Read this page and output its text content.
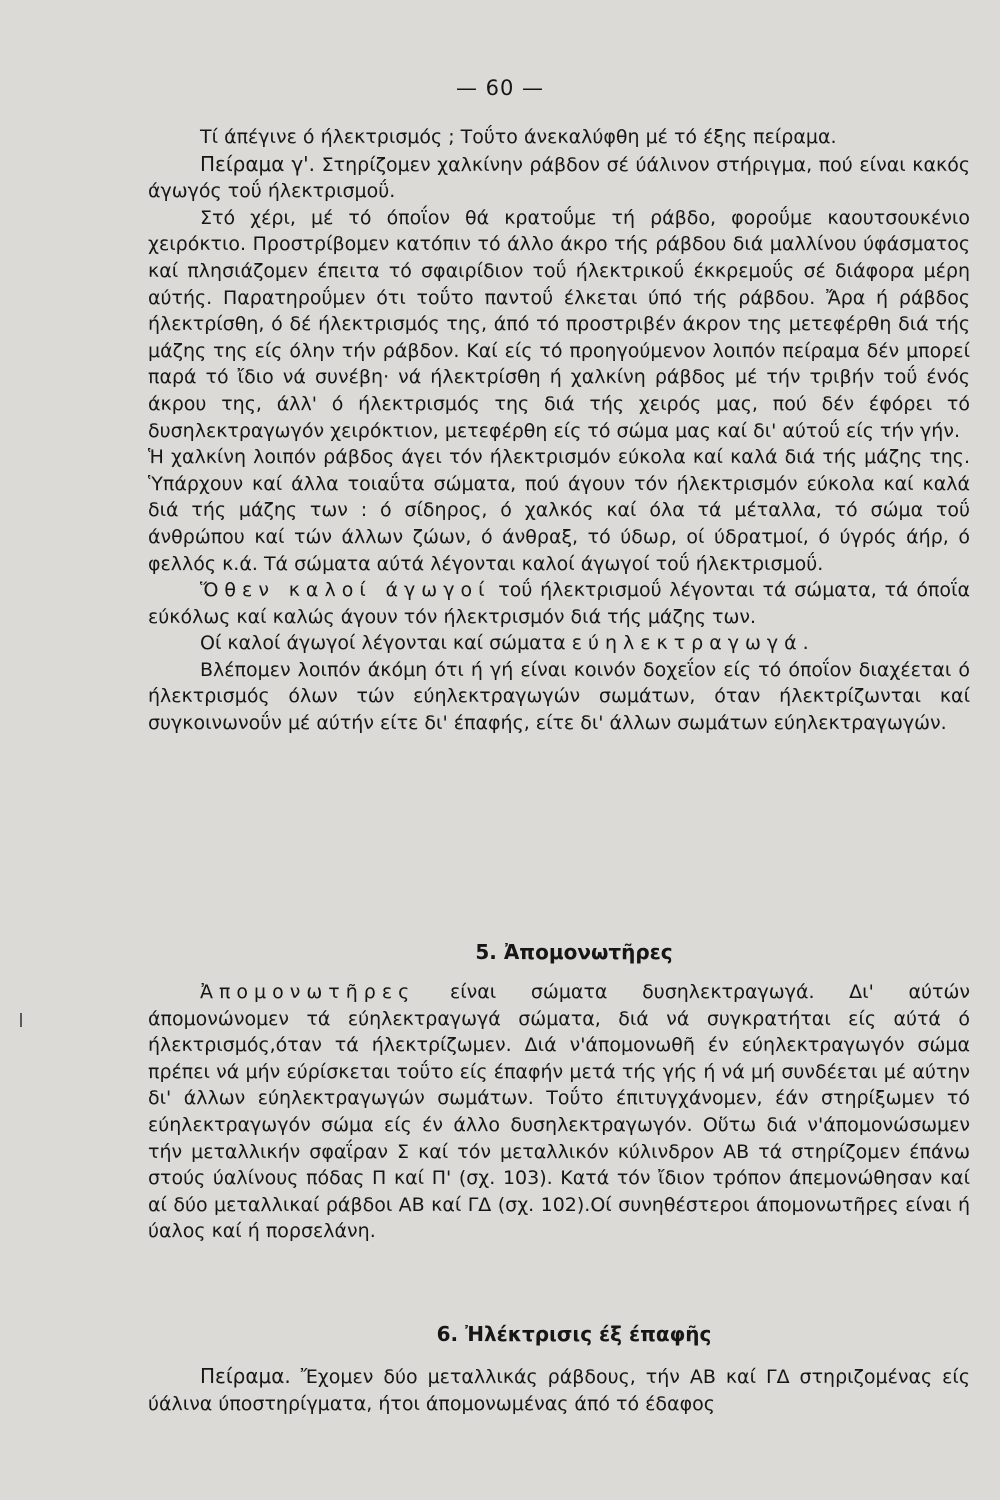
— 60 —

Τί άπέγινε ό ήλεκτρισμός ; Τοΰτο άνεκαλύφθη μέ τό έξης πείραμα.

Πείραμα γ'. Στηρίζομεν χαλκίνην ράβδον σέ ύάλινον στήριγμα, πού είναι κακός άγωγός τοΰ ήλεκτρισμοΰ.

Στό χέρι, μέ τό όποΐον θά κρατοΰμε τή ράβδο, φοροΰμε καουτσουκένιο χειρόκτιο. Προστρίβομεν κατόπιν τό άλλο άκρο τής ράβδου διά μαλλίνου ύφάσματος καί πλησιάζομεν έπειτα τό σφαιρίδιον τοΰ ήλεκτρικοΰ έκκρεμοΰς σέ διάφορα μέρη αύτής. Παρατηροΰμεν ότι τοΰτο παντοΰ έλκεται ύπό τής ράβδου. Ἄρα ή ράβδος ήλεκτρίσθη, ό δέ ήλεκτρισμός της, άπό τό προστριβέν άκρον της μετεφέρθη διά τής μάζης της είς όλην τήν ράβδον. Καί είς τό προηγούμενον λοιπόν πείραμα δέν μπορεί παρά τό ἴδιο νά συνέβη· νά ήλεκτρίσθη ή χαλκίνη ράβδος μέ τήν τριβήν τοΰ ένός άκρου της, άλλ' ό ήλεκτρισμός της διά τής χειρός μας, πού δέν έφόρει τό δυσηλεκτραγωγόν χειρόκτιον, μετεφέρθη είς τό σώμα μας καί δι' αύτοΰ είς τήν γήν.

Ἡ χαλκίνη λοιπόν ράβδος άγει τόν ήλεκτρισμόν εύκολα καί καλά διά τής μάζης της. Ὑπάρχουν καί άλλα τοιαΰτα σώματα, πού άγουν τόν ήλεκτρισμόν εύκολα καί καλά διά τής μάζης των : ό σίδηρος, ό χαλκός καί όλα τά μέταλλα, τό σώμα τοΰ άνθρώπου καί τών άλλων ζώων, ό άνθραξ, τό ύδωρ, οί ύδρατμοί, ό ύγρός άήρ, ό φελλός κ.ά. Τά σώματα αύτά λέγονται καλοί άγωγοί τοΰ ήλεκτρισμοΰ.

Ὅθεν καλοί άγωγοί τοΰ ήλεκτρισμοΰ λέγονται τά σώματα, τά όποΐα εύκόλως καί καλώς άγουν τόν ήλεκτρισμόν διά τής μάζης των.

Οί καλοί άγωγοί λέγονται καί σώματα εύηλεκτραγωγά.

Βλέπομεν λοιπόν άκόμη ότι ή γή είναι κοινόν δοχεΐον είς τό όποΐον διαχέεται ό ήλεκτρισμός όλων τών εύηλεκτραγωγών σωμάτων, όταν ήλεκτρίζωνται καί συγκοινωνοΰν μέ αύτήν είτε δι' έπαφής, είτε δι' άλλων σωμάτων εύηλεκτραγωγών.

5. Ἀπομονωτῆρες

Ἀπομονωτῆρες είναι σώματα δυσηλεκτραγωγά. Δι' αύτών άπομονώνομεν τά εύηλεκτραγωγά σώματα, διά νά συγκρατήται είς αύτά ό ήλεκτρισμός,όταν τά ήλεκτρίζωμεν. Διά ν'άπομονωθῆ έν εύηλεκτραγωγόν σώμα πρέπει νά μήν εύρίσκεται τοΰτο είς έπαφήν μετά τής γής ή νά μή συνδέεται μέ αύτην δι' άλλων εύηλεκτραγωγών σωμάτων. Τοΰτο έπιτυγχάνομεν, έάν στηρίξωμεν τό εύηλεκτραγωγόν σώμα είς έν άλλο δυσηλεκτραγωγόν. Οὕτω διά ν'άπομονώσωμεν τήν μεταλλικήν σφαΐραν Σ καί τόν μεταλλικόν κύλινδρον ΑΒ τά στηρίζομεν έπάνω στούς ύαλίνους πόδας Π καί Π' (σχ. 103). Κατά τόν ἴδιον τρόπον άπεμονώθησαν καί αί δύο μεταλλικαί ράβδοι ΑΒ καί ΓΔ (σχ. 102).Οί συνηθέστεροι άπομονωτῆρες είναι ή ύαλος καί ή πορσελάνη.

6. Ἠλέκτρισις έξ έπαφῆς

Πείραμα. Ἔχομεν δύο μεταλλικάς ράβδους, τήν ΑΒ καί ΓΔ στηριζομένας είς ύάλινα ύποστηρίγματα, ήτοι άπομονωμένας άπό τό έδαφος
